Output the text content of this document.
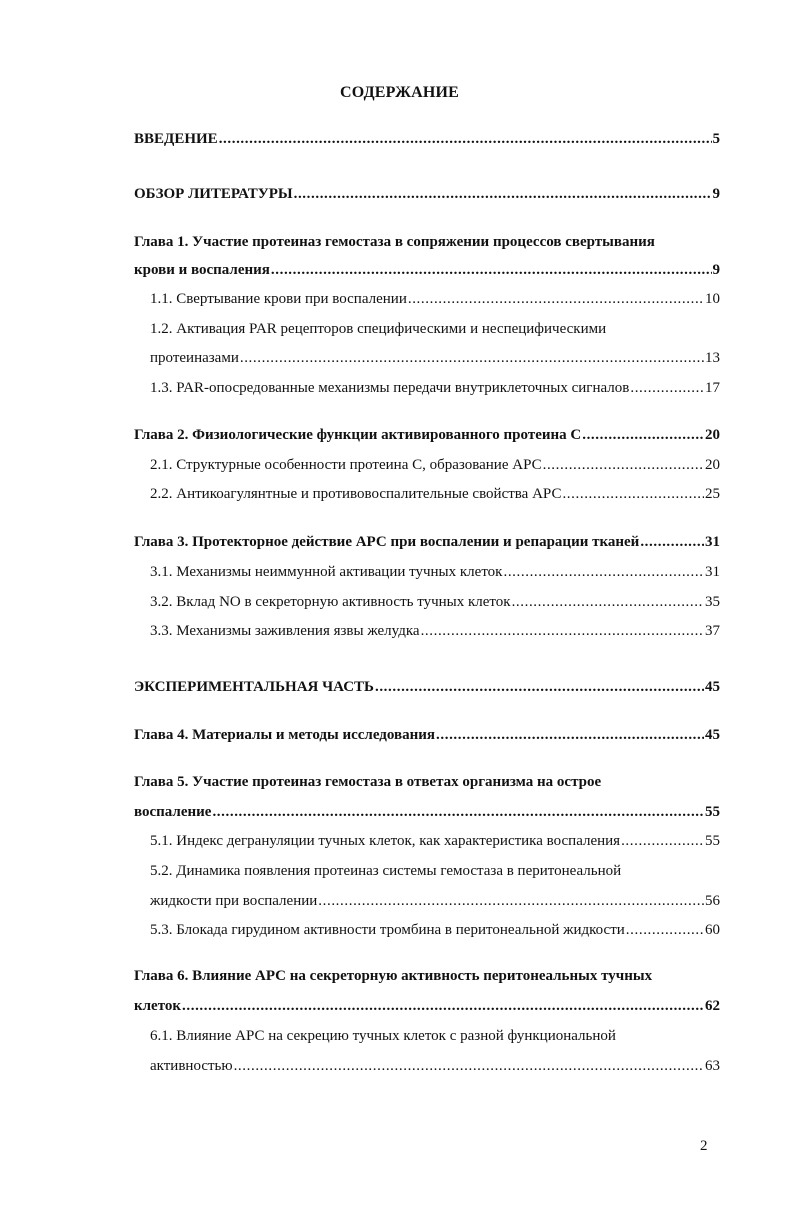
СОДЕРЖАНИЕ
ВВЕДЕНИЕ .....	5
ОБЗОР ЛИТЕРАТУРЫ .....	9
Глава 1. Участие протеиназ гемостаза в сопряжении процессов свертывания
крови и воспаления .....	9
1.1. Свертывание крови при воспалении .....	10
1.2. Активация PAR рецепторов специфическими и неспецифическими
протеиназами .....	13
1.3. PAR-опосредованные механизмы передачи внутриклеточных сигналов .....	17
Глава 2. Физиологические функции активированного протеина С .....	20
2.1. Структурные особенности протеина С, образование АРС .....	20
2.2. Антикоагулянтные и противовоспалительные свойства АРС .....	25
Глава 3. Протекторное действие АРС при воспалении и репарации тканей .....	31
3.1. Механизмы неиммунной активации тучных клеток .....	31
3.2. Вклад NO в секреторную активность тучных клеток .....	35
3.3. Механизмы заживления язвы желудка .....	37
ЭКСПЕРИМЕНТАЛЬНАЯ ЧАСТЬ .....	45
Глава 4. Материалы и методы исследования .....	45
Глава 5. Участие протеиназ гемостаза в ответах организма на острое
воспаление .....	55
5.1. Индекс дегрануляции тучных клеток, как характеристика воспаления .....	55
5.2. Динамика появления протеиназ системы гемостаза в перитонеальной
жидкости при воспалении .....	56
5.3. Блокада гирудином активности тромбина в перитонеальной жидкости .....	60
Глава 6. Влияние АРС на секреторную активность перитонеальных тучных
клеток .....	62
6.1. Влияние АРС на секрецию тучных клеток с разной функциональной
активностью .....	63
2
